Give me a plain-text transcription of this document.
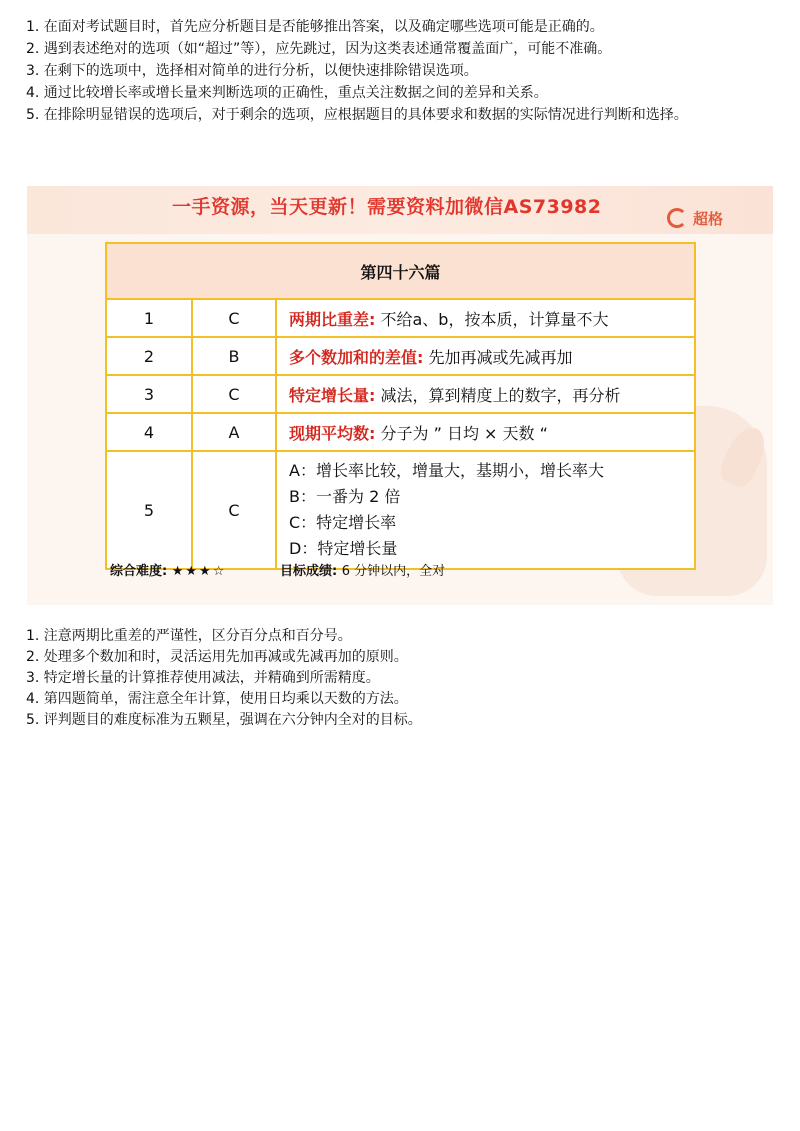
1. 在面对考试题目时，首先应分析题目是否能够推出答案，以及确定哪些选项可能是正确的。

2. 遇到表述绝对的选项（如“超过”等），应先跳过，因为这类表述通常覆盖面广，可能不准确。

3. 在剩下的选项中，选择相对简单的进行分析，以便快速排除错误选项。

4. 通过比较增长率或增长量来判断选项的正确性，重点关注数据之间的差异和关系。

5. 在排除明显错误的选项后，对于剩余的选项，应根据题目的具体要求和数据的实际情况进行判断和选择。

一手资源，当天更新！需要资料加微信AS73982
超格
第四十六篇		
1	C	两期比重差: 不给a、b，按本质，计算量不大
2	B	多个数加和的差值: 先加再减或先减再加
3	C	特定增长量: 减法，算到精度上的数字，再分析
4	A	现期平均数: 分子为 ” 日均 × 天数 “
5	C	A：增长率比较，增量大，基期小，增长率大
B：一番为 2 倍
C：特定增长率
D：特定增长量
综合难度: ★★★☆	目标成绩: 6 分钟以内，全对

1. 注意两期比重差的严谨性，区分百分点和百分号。

2. 处理多个数加和时，灵活运用先加再减或先减再加的原则。

3. 特定增长量的计算推荐使用减法，并精确到所需精度。

4. 第四题简单，需注意全年计算，使用日均乘以天数的方法。

5. 评判题目的难度标准为五颗星，强调在六分钟内全对的目标。
